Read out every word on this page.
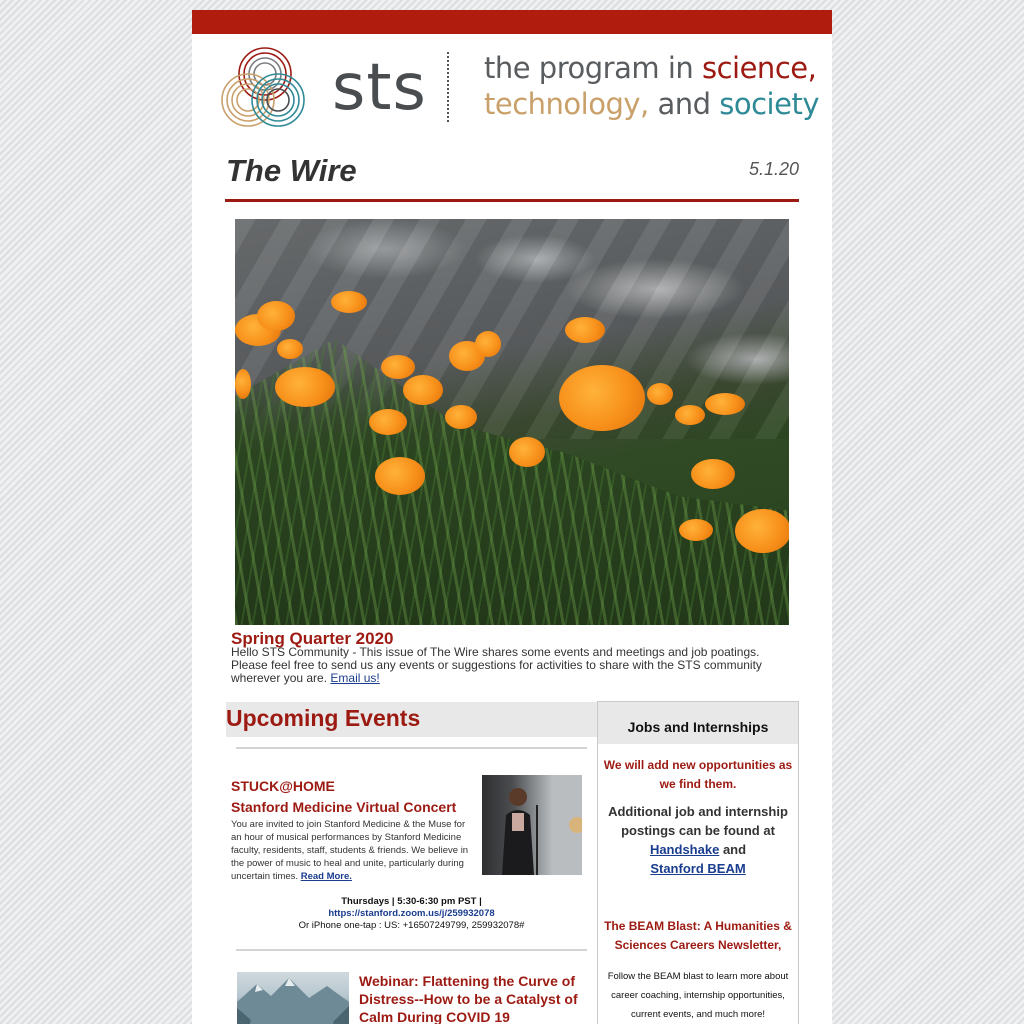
sts the program in science,
technology, and society
The Wire	5.1.20
Spring Quarter 2020
Hello STS Community - This issue of The Wire shares some events and meetings and job poatings. Please feel free to send us any events or suggestions for activities to share with the STS community wherever you are. Email us!
Upcoming Events
STUCK@HOME
Stanford Medicine Virtual Concert
You are invited to join Stanford Medicine & the Muse for an hour of musical performances by Stanford Medicine faculty, residents, staff, students & friends. We believe in the power of music to heal and unite, particularly during uncertain times. Read More.
Thursdays | 5:30-6:30 pm PST |
https://stanford.zoom.us/j/259932078
Or iPhone one-tap : US: +16507249799, 259932078#
Webinar: Flattening the Curve of Distress--How to be a Catalyst of Calm During COVID 19
Jobs and Internships
We will add new opportunities as we find them.
Additional job and internship postings can be found at Handshake and
Stanford BEAM
The BEAM Blast: A Humanities & Sciences Careers Newsletter,
Follow the BEAM blast to learn more about career coaching, internship opportunities, current events, and much more!
